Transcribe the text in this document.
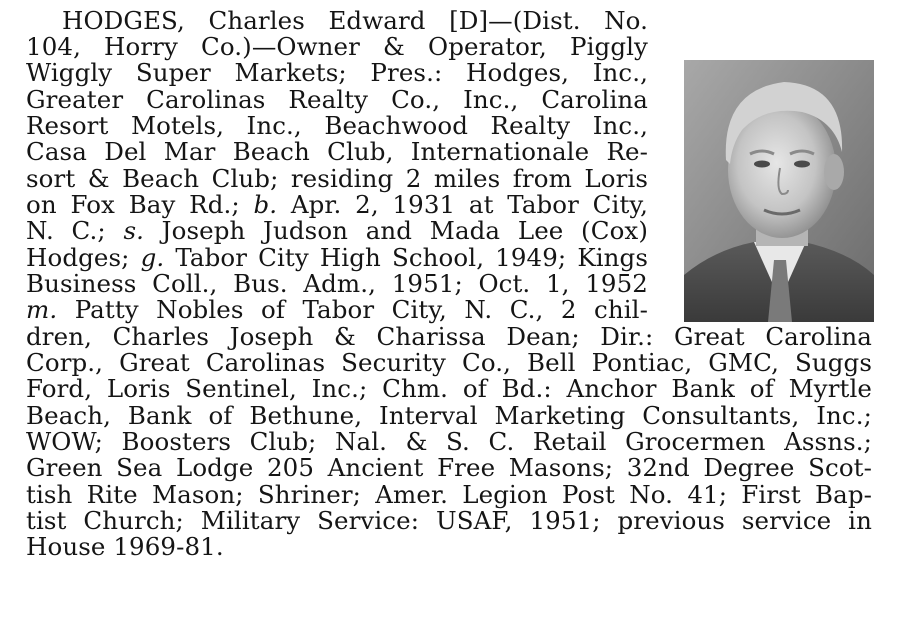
HODGES, Charles Edward [D]—(Dist. No.
104, Horry Co.)—Owner & Operator, Piggly
Wiggly Super Markets; Pres.: Hodges, Inc.,
Greater Carolinas Realty Co., Inc., Carolina
Resort Motels, Inc., Beachwood Realty Inc.,
Casa Del Mar Beach Club, Internationale Re-
sort & Beach Club; residing 2 miles from Loris
on Fox Bay Rd.; b. Apr. 2, 1931 at Tabor City,
N. C.; s. Joseph Judson and Mada Lee (Cox)
Hodges; g. Tabor City High School, 1949; Kings
Business Coll., Bus. Adm., 1951; Oct. 1, 1952
m. Patty Nobles of Tabor City, N. C., 2 chil-
dren, Charles Joseph & Charissa Dean; Dir.: Great Carolina
Corp., Great Carolinas Security Co., Bell Pontiac, GMC, Suggs
Ford, Loris Sentinel, Inc.; Chm. of Bd.: Anchor Bank of Myrtle
Beach, Bank of Bethune, Interval Marketing Consultants, Inc.;
WOW; Boosters Club; Nal. & S. C. Retail Grocermen Assns.;
Green Sea Lodge 205 Ancient Free Masons; 32nd Degree Scot-
tish Rite Mason; Shriner; Amer. Legion Post No. 41; First Bap-
tist Church; Military Service: USAF, 1951; previous service in
House 1969-81.
